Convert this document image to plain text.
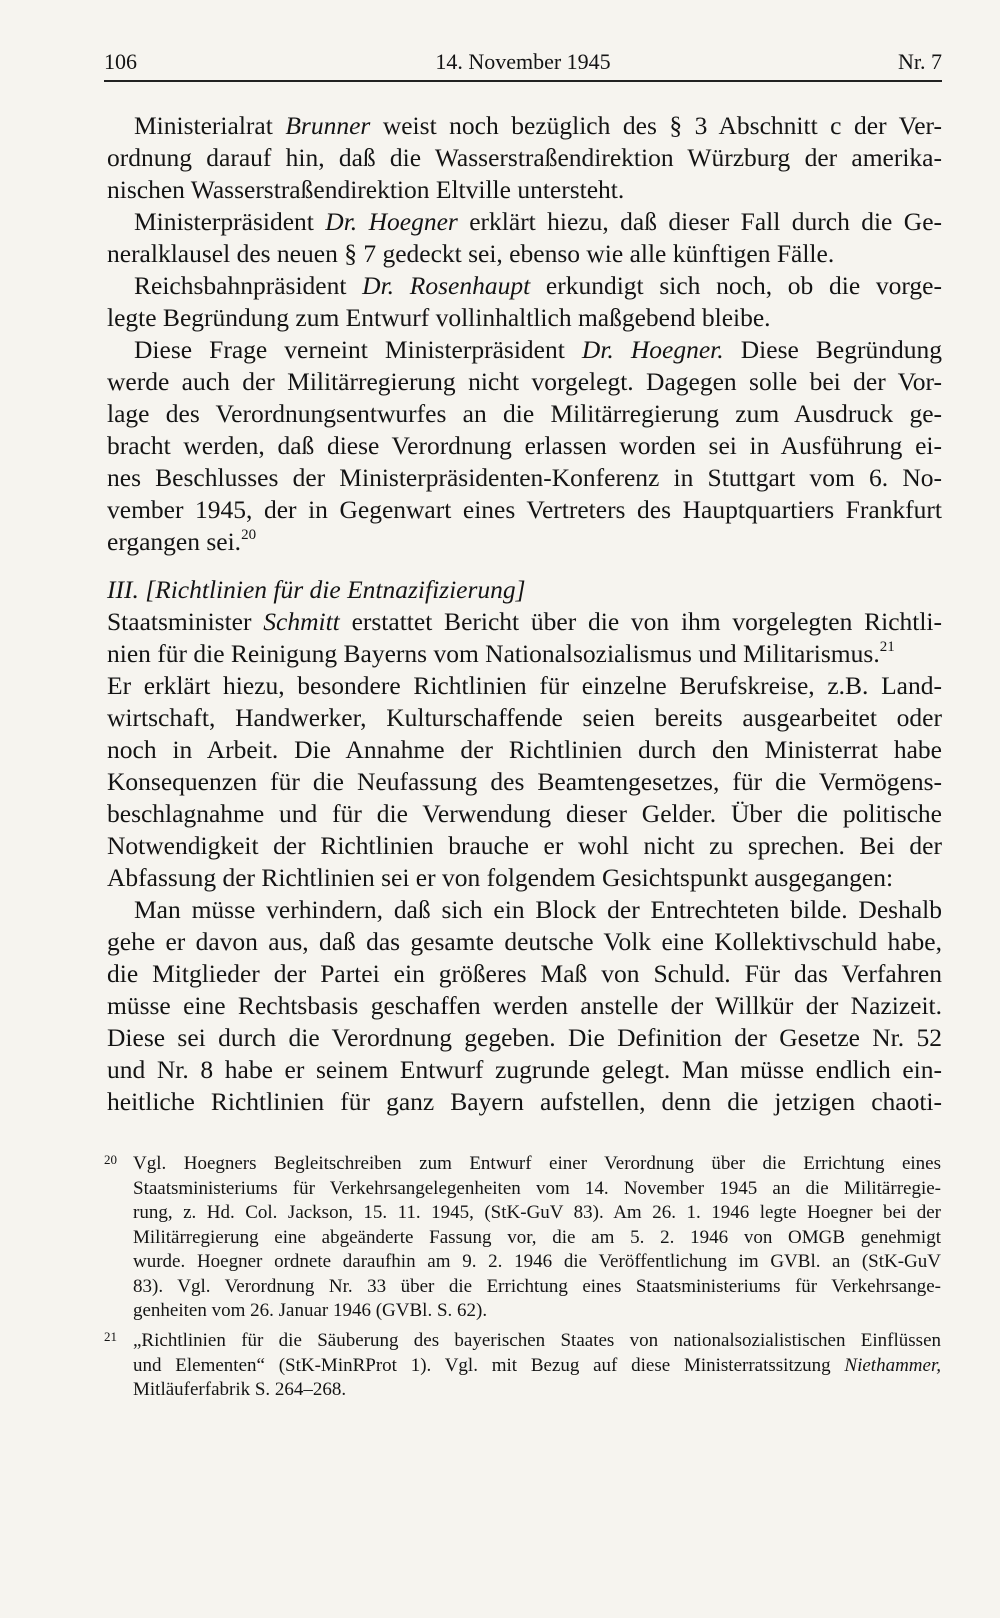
106	14. November 1945	Nr. 7
Ministerialrat Brunner weist noch bezüglich des § 3 Abschnitt c der Ver-
ordnung darauf hin, daß die Wasserstraßendirektion Würzburg der amerika-
nischen Wasserstraßendirektion Eltville untersteht.
Ministerpräsident Dr. Hoegner erklärt hiezu, daß dieser Fall durch die Ge-
neralklausel des neuen § 7 gedeckt sei, ebenso wie alle künftigen Fälle.
Reichsbahnpräsident Dr. Rosenhaupt erkundigt sich noch, ob die vorge-
legte Begründung zum Entwurf vollinhaltlich maßgebend bleibe.
Diese Frage verneint Ministerpräsident Dr. Hoegner. Diese Begründung
werde auch der Militärregierung nicht vorgelegt. Dagegen solle bei der Vor-
lage des Verordnungsentwurfes an die Militärregierung zum Ausdruck ge-
bracht werden, daß diese Verordnung erlassen worden sei in Ausführung ei-
nes Beschlusses der Ministerpräsidenten-Konferenz in Stuttgart vom 6. No-
vember 1945, der in Gegenwart eines Vertreters des Hauptquartiers Frankfurt
ergangen sei.$^{20}$
III. [Richtlinien für die Entnazifizierung]
Staatsminister Schmitt erstattet Bericht über die von ihm vorgelegten Richtli-
nien für die Reinigung Bayerns vom Nationalsozialismus und Militarismus.$^{21}$
Er erklärt hiezu, besondere Richtlinien für einzelne Berufskreise, z.B. Land-
wirtschaft, Handwerker, Kulturschaffende seien bereits ausgearbeitet oder
noch in Arbeit. Die Annahme der Richtlinien durch den Ministerrat habe
Konsequenzen für die Neufassung des Beamtengesetzes, für die Vermögens-
beschlagnahme und für die Verwendung dieser Gelder. Über die politische
Notwendigkeit der Richtlinien brauche er wohl nicht zu sprechen. Bei der
Abfassung der Richtlinien sei er von folgendem Gesichtspunkt ausgegangen:
Man müsse verhindern, daß sich ein Block der Entrechteten bilde. Deshalb
gehe er davon aus, daß das gesamte deutsche Volk eine Kollektivschuld habe,
die Mitglieder der Partei ein größeres Maß von Schuld. Für das Verfahren
müsse eine Rechtsbasis geschaffen werden anstelle der Willkür der Nazizeit.
Diese sei durch die Verordnung gegeben. Die Definition der Gesetze Nr. 52
und Nr. 8 habe er seinem Entwurf zugrunde gelegt. Man müsse endlich ein-
heitliche Richtlinien für ganz Bayern aufstellen, denn die jetzigen chaoti-
20 Vgl. Hoegners Begleitschreiben zum Entwurf einer Verordnung über die Errichtung eines
Staatsministeriums für Verkehrsangelegenheiten vom 14. November 1945 an die Militärregie-
rung, z. Hd. Col. Jackson, 15. 11. 1945, (StK-GuV 83). Am 26. 1. 1946 legte Hoegner bei der
Militärregierung eine abgeänderte Fassung vor, die am 5. 2. 1946 von OMGB genehmigt
wurde. Hoegner ordnete daraufhin am 9. 2. 1946 die Veröffentlichung im GVBl. an (StK-GuV
83). Vgl. Verordnung Nr. 33 über die Errichtung eines Staatsministeriums für Verkehrsange-
genheiten vom 26. Januar 1946 (GVBl. S. 62).
21 „Richtlinien für die Säuberung des bayerischen Staates von nationalsozialistischen Einflüssen
und Elementen“ (StK-MinRProt 1). Vgl. mit Bezug auf diese Ministerratssitzung Niethammer,
Mitläuferfabrik S. 264–268.
